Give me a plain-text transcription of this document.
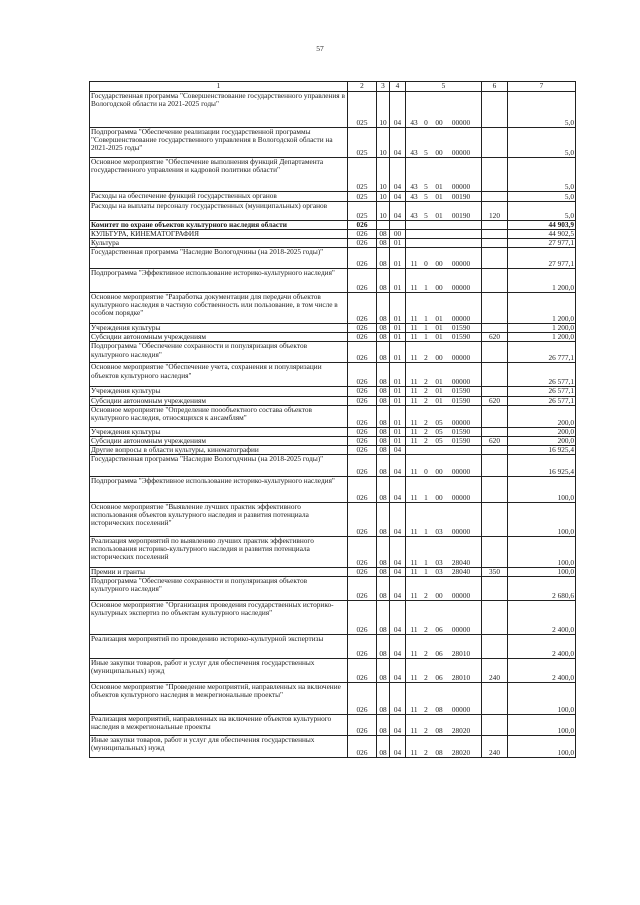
57
1	2	3	4	5	6	7
Государственная программа "Совершенствование государственного управления в Вологодской области на 2021-2025 годы"	025	10	04	43 0 00 00000		5,0
Подпрограмма "Обеспечение реализации государственной программы "Совершенствование государственного управления в Вологодской области на 2021-2025 годы"	025	10	04	43 5 00 00000		5,0
Основное мероприятие "Обеспечение выполнения функций Департамента государственного управления и кадровой политики области"	025	10	04	43 5 01 00000		5,0
Расходы на обеспечение функций государственных органов	025	10	04	43 5 01 00190		5,0
Расходы на выплаты персоналу государственных (муниципальных) органов	025	10	04	43 5 01 00190	120	5,0
Комитет по охране объектов культурного наследия области	026					44 903,9
КУЛЬТУРА, КИНЕМАТОГРАФИЯ	026	08	00			44 902,5
Культура	026	08	01			27 977,1
Государственная программа "Наследие Вологодчины (на 2018-2025 годы)"	026	08	01	11 0 00 00000		27 977,1
Подпрограмма "Эффективное использование историко-культурного наследия"	026	08	01	11 1 00 00000		1 200,0
Основное мероприятие "Разработка документации для передачи объектов культурного наследия в частную собственность или пользование, в том числе в особом порядке"	026	08	01	11 1 01 00000		1 200,0
Учреждения культуры	026	08	01	11 1 01 01590		1 200,0
Субсидии автономным учреждениям	026	08	01	11 1 01 01590	620	1 200,0
Подпрограмма "Обеспечение сохранности и популяризация объектов культурного наследия"	026	08	01	11 2 00 00000		26 777,1
Основное мероприятие "Обеспечение учета, сохранения и популяризации объектов культурного наследия"	026	08	01	11 2 01 00000		26 577,1
Учреждения культуры	026	08	01	11 2 01 01590		26 577,1
Субсидии автономным учреждениям	026	08	01	11 2 01 01590	620	26 577,1
Основное мероприятие "Определение поообъектного состава объектов культурного наследия, относящихся к ансамблям"	026	08	01	11 2 05 00000		200,0
Учреждения культуры	026	08	01	11 2 05 01590		200,0
Субсидии автономным учреждениям	026	08	01	11 2 05 01590	620	200,0
Другие вопросы в области культуры, кинематографии	026	08	04			16 925,4
Государственная программа "Наследие Вологодчины (на 2018-2025 годы)"	026	08	04	11 0 00 00000		16 925,4
Подпрограмма "Эффективное использование историко-культурного наследия"	026	08	04	11 1 00 00000		100,0
Основное мероприятие "Выявление лучших практик эффективного использования объектов культурного наследия и развития потенциала исторических поселений"	026	08	04	11 1 03 00000		100,0
Реализация мероприятий по выявлению лучших практик эффективного использования историко-культурного наследия и развития потенциала исторических поселений	026	08	04	11 1 03 28040		100,0
Премии и гранты	026	08	04	11 1 03 28040	350	100,0
Подпрограмма "Обеспечение сохранности и популяризация объектов культурного наследия"	026	08	04	11 2 00 00000		2 680,6
Основное мероприятие "Организация проведения государственных историко-культурных экспертиз по объектам культурного наследия"	026	08	04	11 2 06 00000		2 400,0
Реализация мероприятий по проведению историко-культурной экспертизы	026	08	04	11 2 06 28010		2 400,0
Иные закупки товаров, работ и услуг для обеспечения государственных (муниципальных) нужд	026	08	04	11 2 06 28010	240	2 400,0
Основное мероприятие "Проведение мероприятий, направленных на включение объектов культурного наследия в межрегиональные проекты"	026	08	04	11 2 08 00000		100,0
Реализация мероприятий, направленных на включение объектов культурного наследия в межрегиональные проекты	026	08	04	11 2 08 28020		100,0
Иные закупки товаров, работ и услуг для обеспечения государственных (муниципальных) нужд	026	08	04	11 2 08 28020	240	100,0
